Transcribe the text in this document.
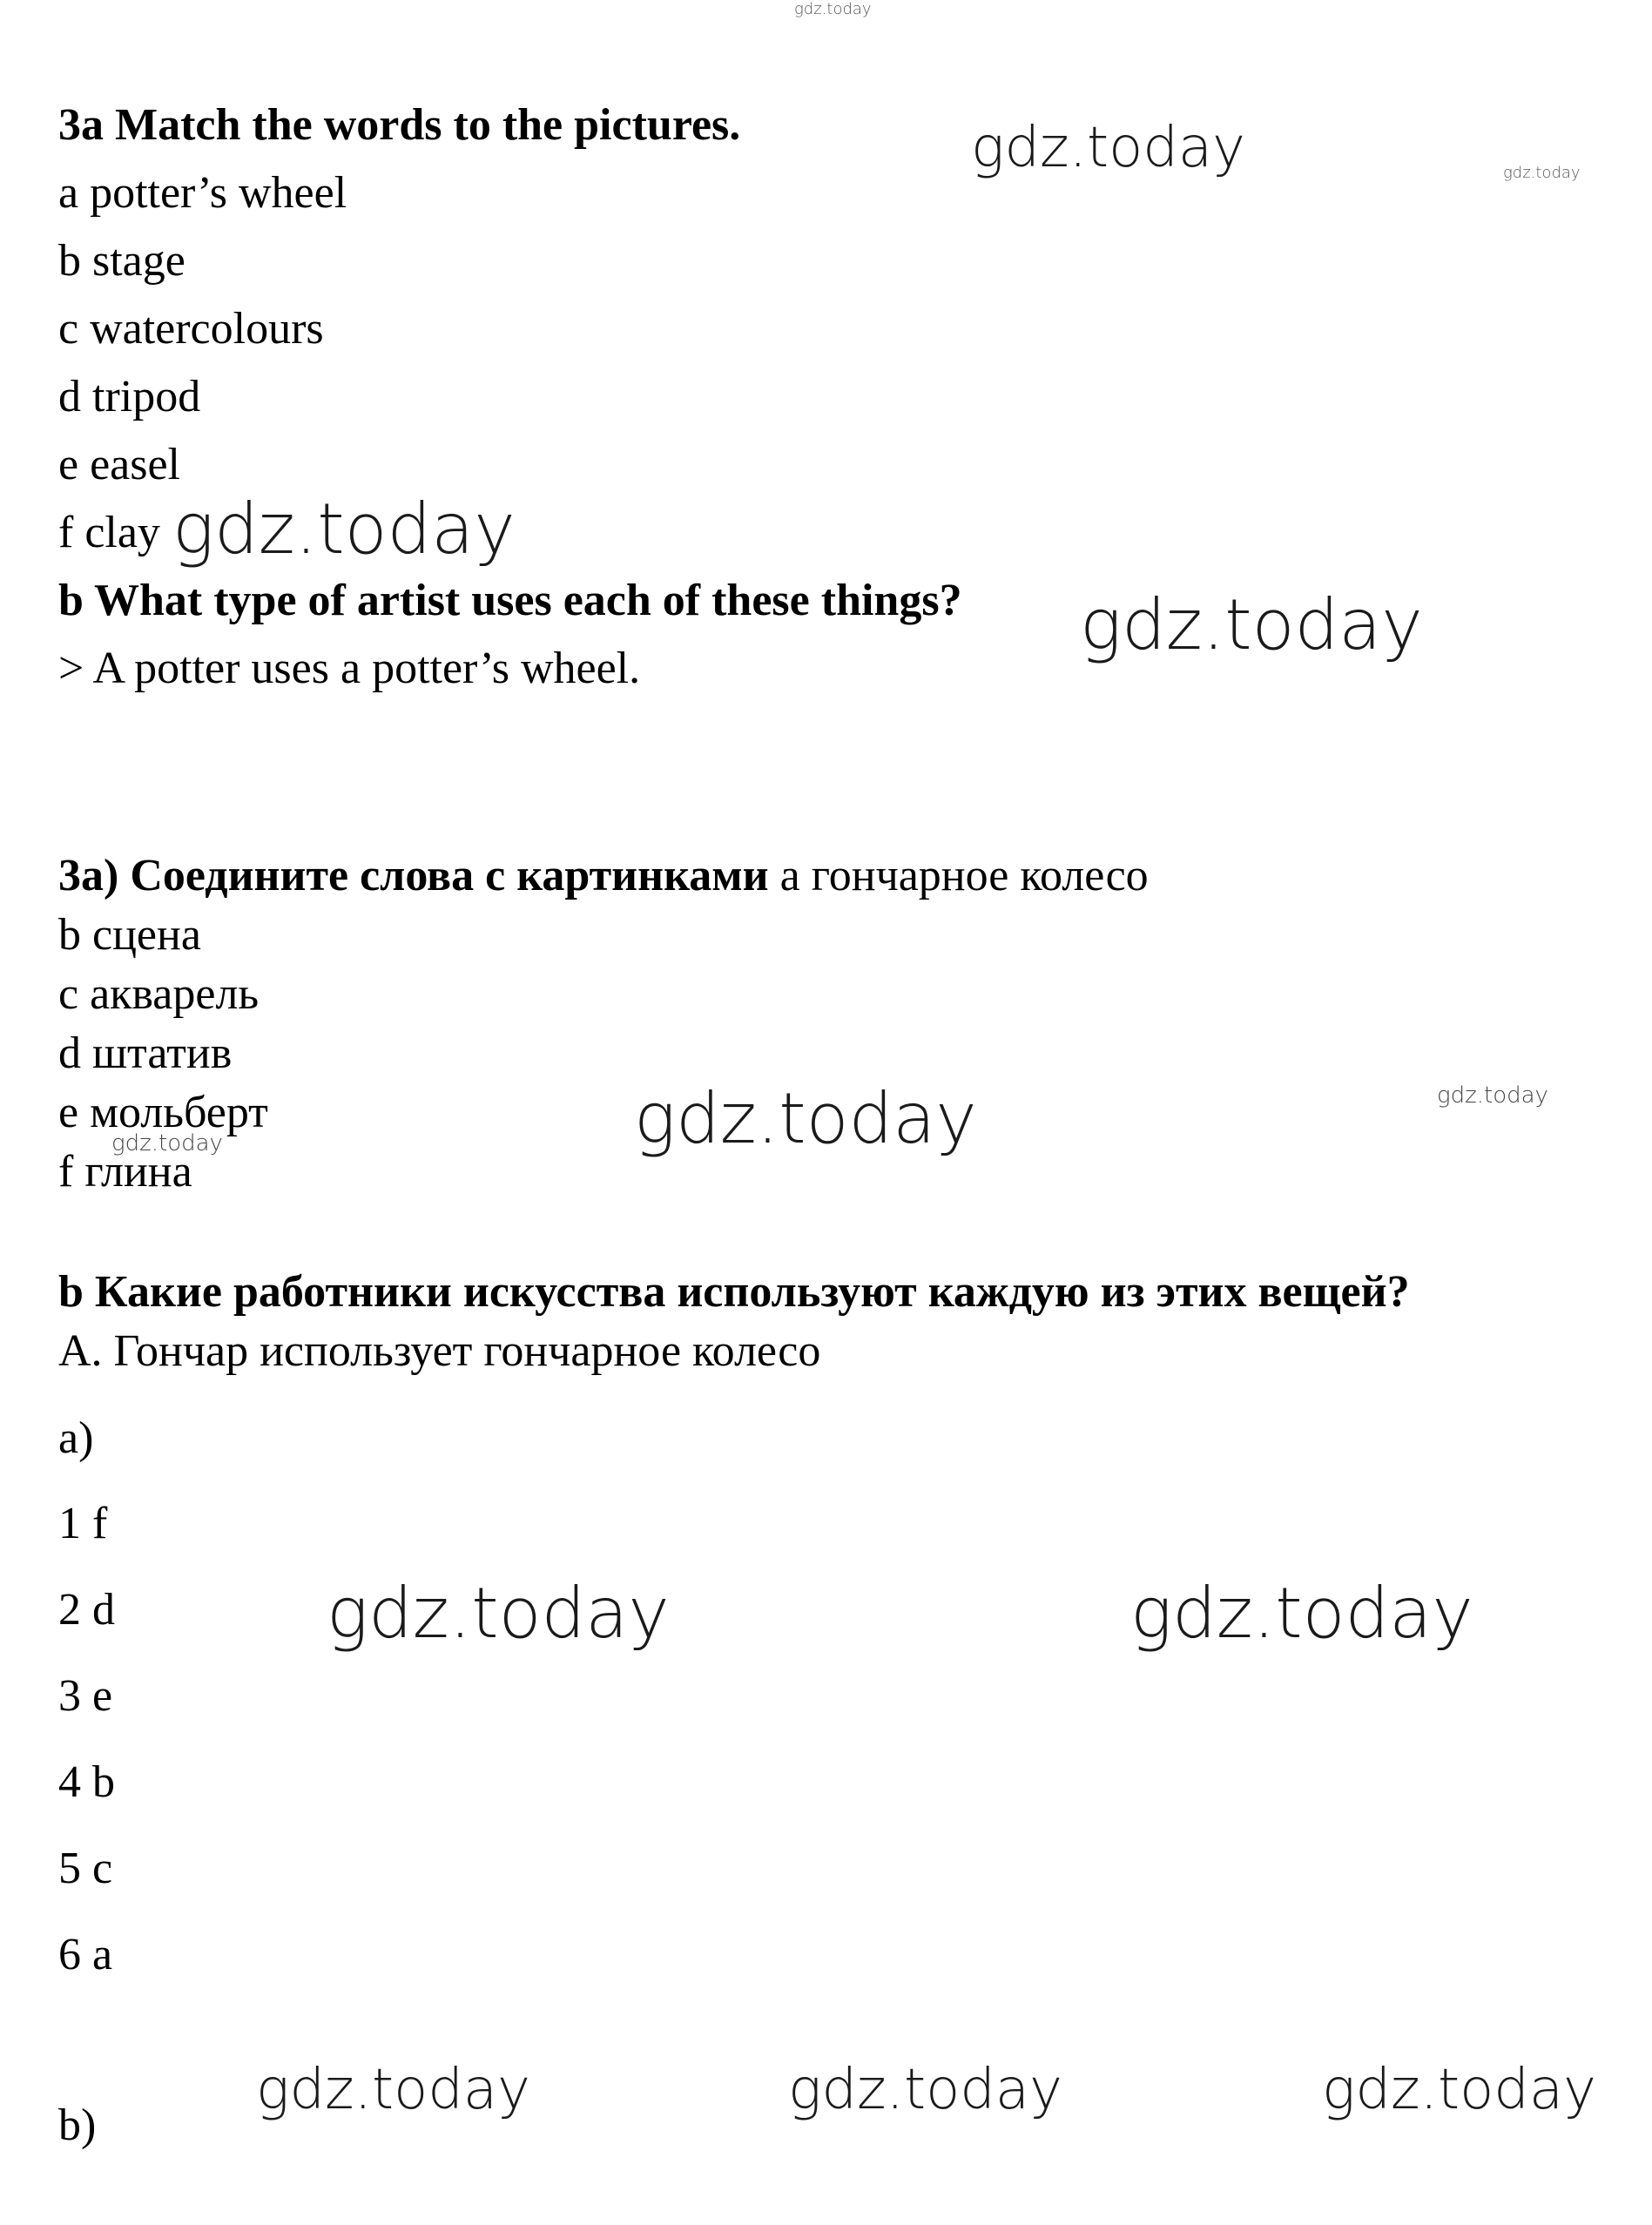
gdz.today
gdz.today	gdz.today
gdz.today
gdz.today
gdz.today	gdz.today
gdz.today
gdz.today	gdz.today
gdz.today	gdz.today	gdz.today
3a Match the words to the pictures.
a potter’s wheel
b stage
c watercolours
d tripod
e easel
f clay
b What type of artist uses each of these things?
> A potter uses a potter’s wheel.
3a) Соедините слова с картинками a гончарное колесо
b сцена
c акварель
d штатив
e мольберт
f глина
b Какие работники искусства используют каждую из этих вещей?
A. Гончар использует гончарное колесо
a)
1 f
2 d
3 e
4 b
5 c
6 a
b)
